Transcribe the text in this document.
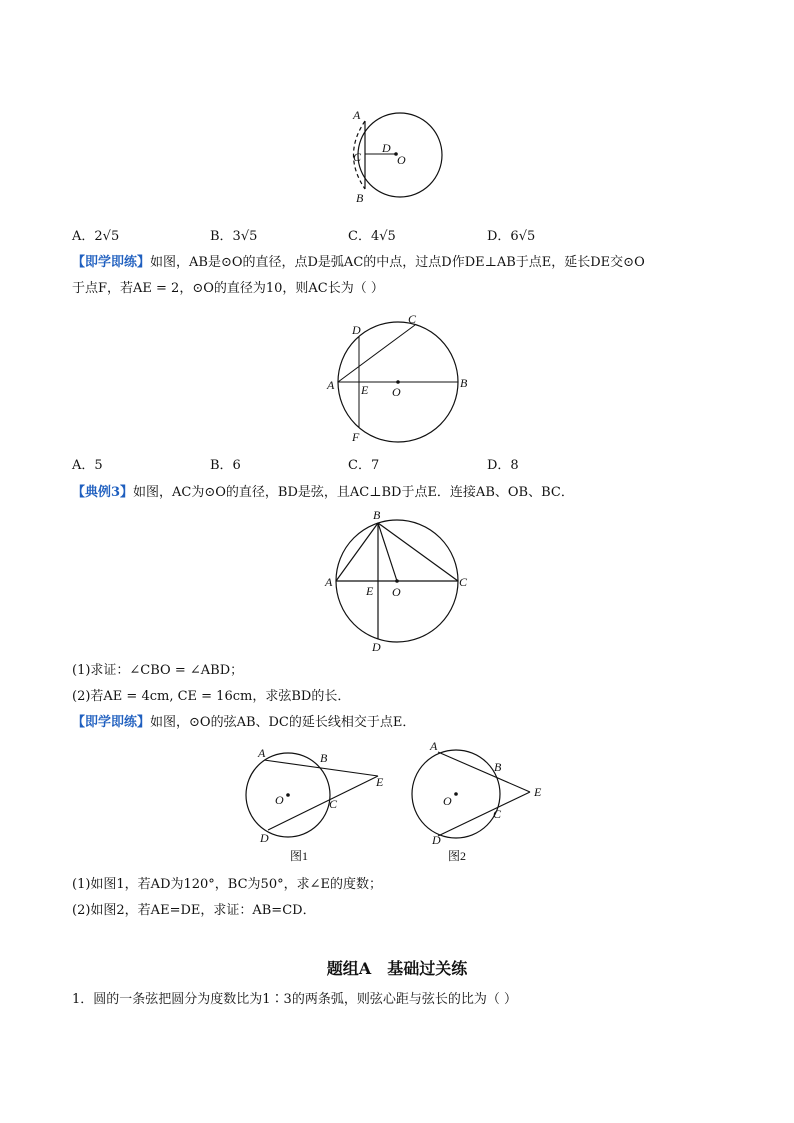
A
C
D
O
B
A．2√5	B．3√5	C．4√5	D．6√5
【即学即练】如图，AB是⊙O的直径，点D是弧AC的中点，过点D作DE⊥AB于点E，延长DE交⊙O
于点F，若AE = 2，⊙O的直径为10，则AC长为（ ）
D
C
A E O
B
F
A．5	B．6	C．7	D．8
【典例3】如图，AC为⊙O的直径，BD是弦，且AC⊥BD于点E．连接AB、OB、BC．
B
A
E O
C
D
(1)求证：∠CBO = ∠ABD；
(2)若AE = 4cm, CE = 16cm，求弦BD的长．
【即学即练】如图，⊙O的弦AB、DC的延长线相交于点E．
A	B
E
O	C
D
图1
A
B
E
O
C
D
图2
(1)如图1，若AD为120°，BC为50°，求∠E的度数；
(2)如图2，若AE=DE，求证：AB=CD．
题组A　基础过关练
1．圆的一条弦把圆分为度数比为1∶3的两条弧，则弦心距与弦长的比为（ ）
